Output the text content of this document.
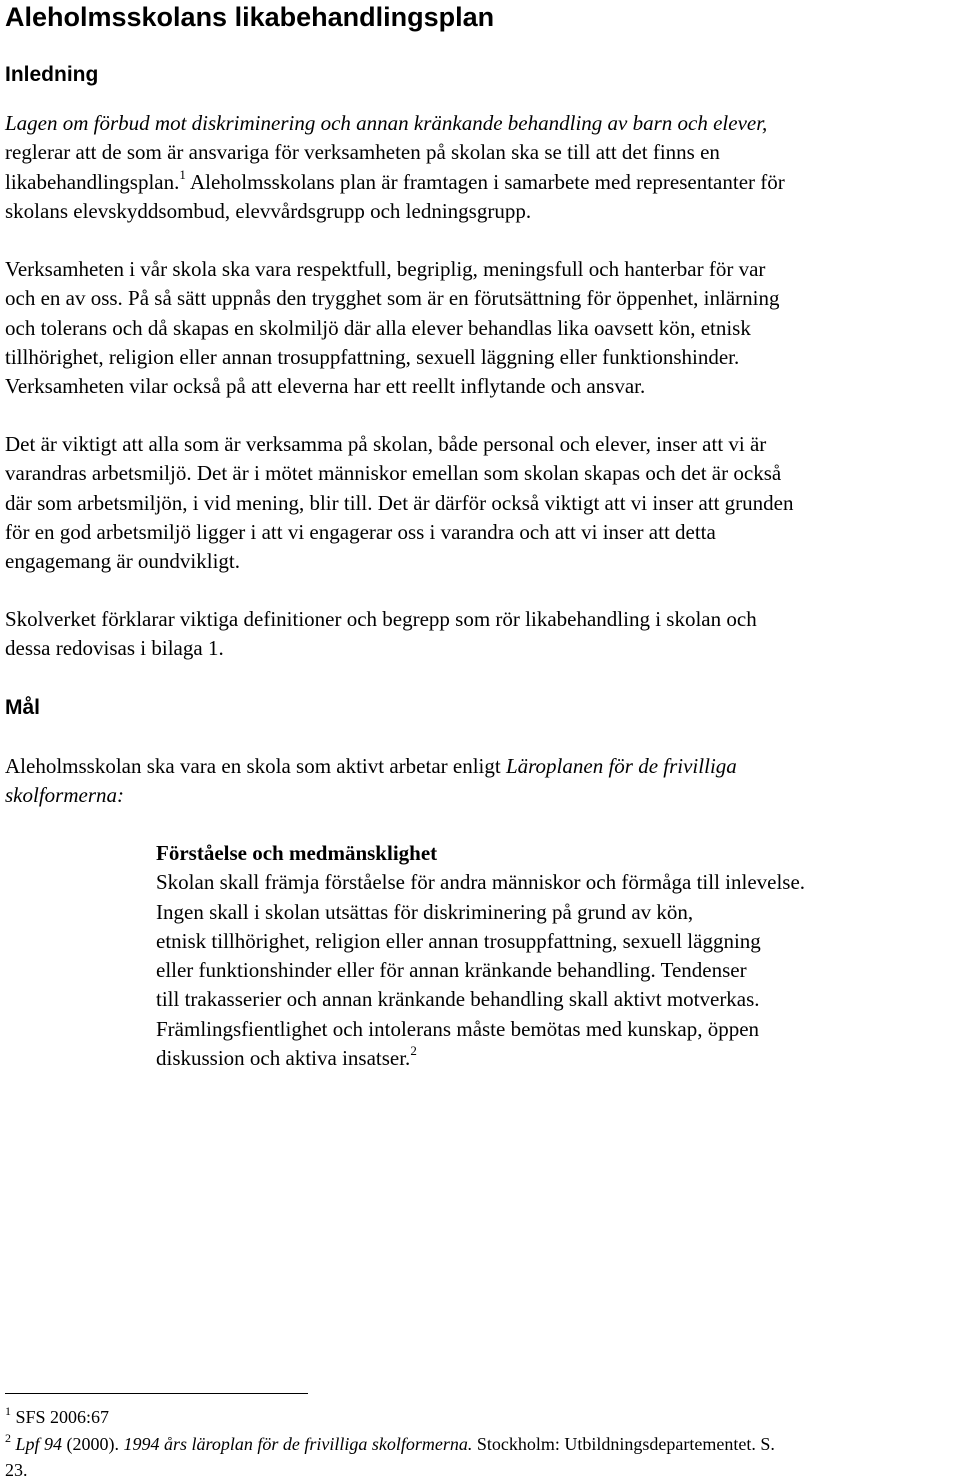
Aleholmsskolans likabehandlingsplan
Inledning

Lagen om förbud mot diskriminering och annan kränkande behandling av barn och elever,
reglerar att de som är ansvariga för verksamheten på skolan ska se till att det finns en
likabehandlingsplan.$^1$ Aleholmsskolans plan är framtagen i samarbete med representanter för
skolans elevskyddsombud, elevvårdsgrupp och ledningsgrupp.

Verksamheten i vår skola ska vara respektfull, begriplig, meningsfull och hanterbar för var
och en av oss. På så sätt uppnås den trygghet som är en förutsättning för öppenhet, inlärning
och tolerans och då skapas en skolmiljö där alla elever behandlas lika oavsett kön, etnisk
tillhörighet, religion eller annan trosuppfattning, sexuell läggning eller funktionshinder.
Verksamheten vilar också på att eleverna har ett reellt inflytande och ansvar.

Det är viktigt att alla som är verksamma på skolan, både personal och elever, inser att vi är
varandras arbetsmiljö. Det är i mötet människor emellan som skolan skapas och det är också
där som arbetsmiljön, i vid mening, blir till. Det är därför också viktigt att vi inser att grunden
för en god arbetsmiljö ligger i att vi engagerar oss i varandra och att vi inser att detta
engagemang är oundvikligt.

Skolverket förklarar viktiga definitioner och begrepp som rör likabehandling i skolan och
dessa redovisas i bilaga 1.

Mål

Aleholmsskolan ska vara en skola som aktivt arbetar enligt Läroplanen för de frivilliga
skolformerna:

Förståelse och medmänsklighet
Skolan skall främja förståelse för andra människor och förmåga till inlevelse.
Ingen skall i skolan utsättas för diskriminering på grund av kön,
etnisk tillhörighet, religion eller annan trosuppfattning, sexuell läggning
eller funktionshinder eller för annan kränkande behandling. Tendenser
till trakasserier och annan kränkande behandling skall aktivt motverkas.
Främlingsfientlighet och intolerans måste bemötas med kunskap, öppen
diskussion och aktiva insatser.$^2$
$^1$ SFS 2006:67
$^2$ Lpf 94 (2000). 1994 års läroplan för de frivilliga skolformerna. Stockholm: Utbildningsdepartementet. S.
23.
